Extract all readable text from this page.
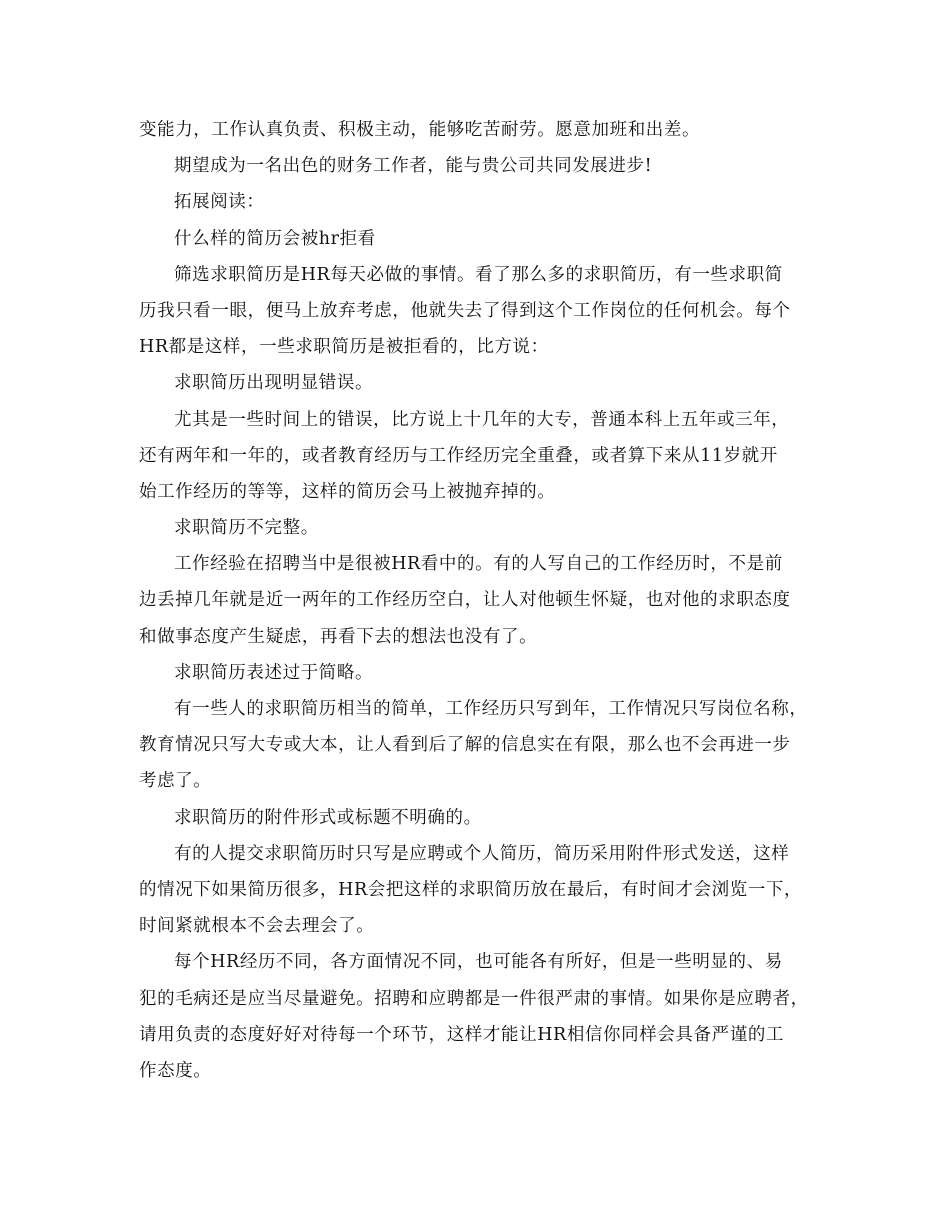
变能力，工作认真负责、积极主动，能够吃苦耐劳。愿意加班和出差。
期望成为一名出色的财务工作者，能与贵公司共同发展进步!
拓展阅读：
什么样的简历会被hr拒看
筛选求职简历是HR每天必做的事情。看了那么多的求职简历，有一些求职简
历我只看一眼，便马上放弃考虑，他就失去了得到这个工作岗位的任何机会。每个
HR都是这样，一些求职简历是被拒看的，比方说：
求职简历出现明显错误。
尤其是一些时间上的错误，比方说上十几年的大专，普通本科上五年或三年，
还有两年和一年的，或者教育经历与工作经历完全重叠，或者算下来从11岁就开
始工作经历的等等，这样的简历会马上被抛弃掉的。
求职简历不完整。
工作经验在招聘当中是很被HR看中的。有的人写自己的工作经历时，不是前
边丢掉几年就是近一两年的工作经历空白，让人对他顿生怀疑，也对他的求职态度
和做事态度产生疑虑，再看下去的想法也没有了。
求职简历表述过于简略。
有一些人的求职简历相当的简单，工作经历只写到年，工作情况只写岗位名称，
教育情况只写大专或大本，让人看到后了解的信息实在有限，那么也不会再进一步
考虑了。
求职简历的附件形式或标题不明确的。
有的人提交求职简历时只写是应聘或个人简历，简历采用附件形式发送，这样
的情况下如果简历很多，HR会把这样的求职简历放在最后，有时间才会浏览一下，
时间紧就根本不会去理会了。
每个HR经历不同，各方面情况不同，也可能各有所好，但是一些明显的、易
犯的毛病还是应当尽量避免。招聘和应聘都是一件很严肃的事情。如果你是应聘者，
请用负责的态度好好对待每一个环节，这样才能让HR相信你同样会具备严谨的工
作态度。
